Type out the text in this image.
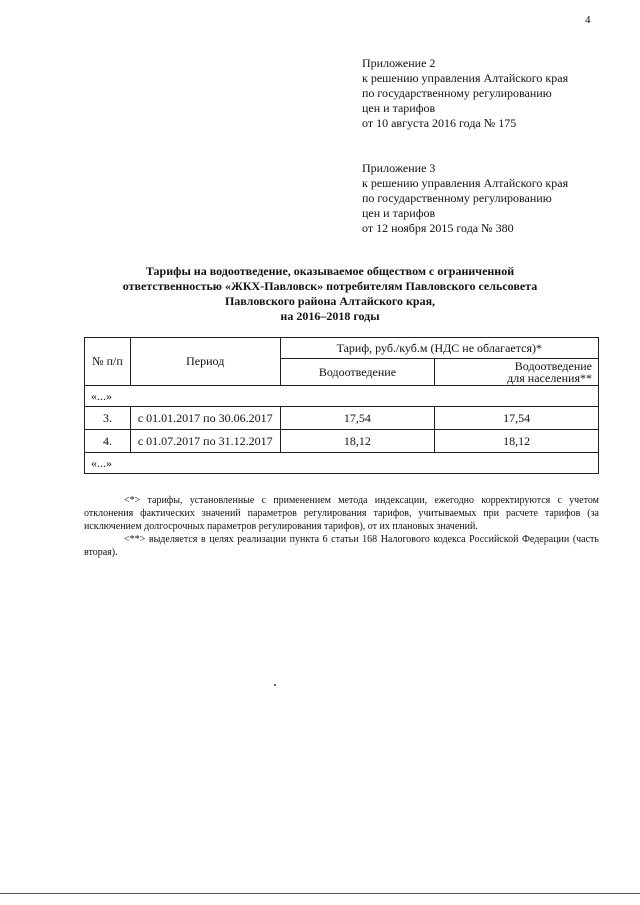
4
Приложение 2
к решению управления Алтайского края
по государственному регулированию
цен и тарифов
от 10 августа 2016 года № 175
Приложение 3
к решению управления Алтайского края
по государственному регулированию
цен и тарифов
от 12 ноября 2015 года № 380
Тарифы на водоотведение, оказываемое обществом с ограниченной
ответственностью «ЖКХ-Павловск» потребителям Павловского сельсовета
Павловского района Алтайского края,
на 2016–2018 годы
№ п/п	Период	Тариф, руб./куб.м (НДС не облагается)*	
		Водоотведение	Водоотведение
для населения**

«...»			
3.	с 01.01.2017 по 30.06.2017	17,54	17,54
4.	с 01.07.2017 по 31.12.2017	18,12	18,12
«...»			

<*> тарифы, установленные с применением метода индексации, ежегодно корректируются с учетом отклонения фактических значений параметров регулирования тарифов, учитываемых при расчете тарифов (за исключением долгосрочных параметров регулирования тарифов), от их плановых значений.

<**> выделяется в целях реализации пункта 6 статьи 168 Налогового кодекса Российской Федерации (часть вторая).
